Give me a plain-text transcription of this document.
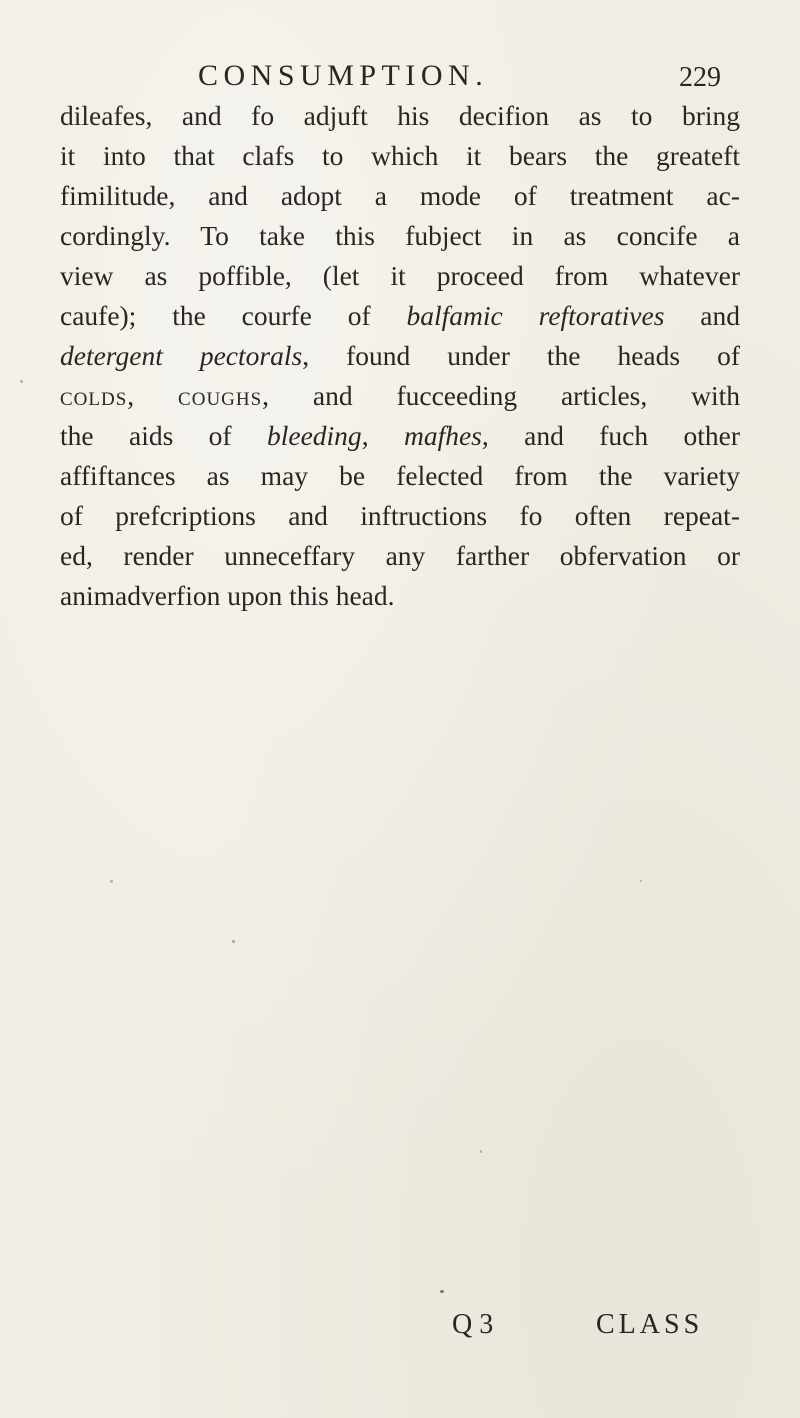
CONSUMPTION.	229
dileafes, and fo adjuft his decifion as to bring
it into that clafs to which it bears the greateft
fimilitude, and adopt a mode of treatment ac-
cordingly. To take this fubject in as concife a
view as poffible, (let it proceed from whatever
caufe); the courfe of balfamic reftoratives and
detergent pectorals, found under the heads of
colds, coughs, and fucceeding articles, with
the aids of bleeding, mafhes, and fuch other
affiftances as may be felected from the variety
of prefcriptions and inftructions fo often repeat-
ed, render unneceffary any farther obfervation or
animadverfion upon this head.
Q 3	CLASS
